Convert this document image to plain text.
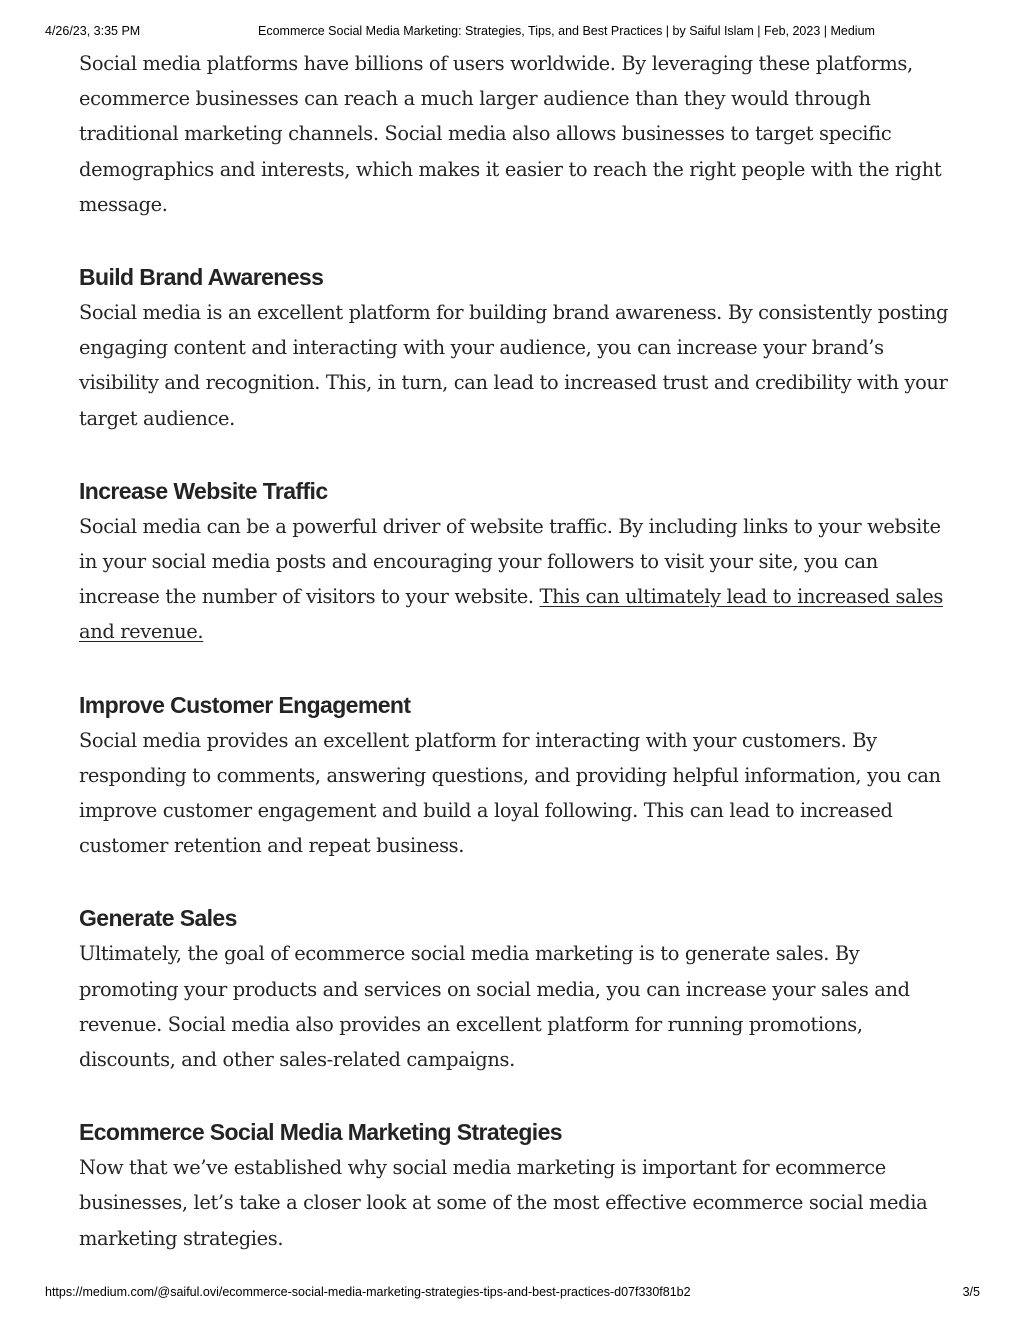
4/26/23, 3:35 PM	Ecommerce Social Media Marketing: Strategies, Tips, and Best Practices | by Saiful Islam | Feb, 2023 | Medium

Social media platforms have billions of users worldwide. By leveraging these platforms, ecommerce businesses can reach a much larger audience than they would through traditional marketing channels. Social media also allows businesses to target specific demographics and interests, which makes it easier to reach the right people with the right message.

Build Brand Awareness

Social media is an excellent platform for building brand awareness. By consistently posting engaging content and interacting with your audience, you can increase your brand’s visibility and recognition. This, in turn, can lead to increased trust and credibility with your target audience.

Increase Website Traffic

Social media can be a powerful driver of website traffic. By including links to your website in your social media posts and encouraging your followers to visit your site, you can increase the number of visitors to your website. This can ultimately lead to increased sales and revenue.

Improve Customer Engagement

Social media provides an excellent platform for interacting with your customers. By responding to comments, answering questions, and providing helpful information, you can improve customer engagement and build a loyal following. This can lead to increased customer retention and repeat business.

Generate Sales

Ultimately, the goal of ecommerce social media marketing is to generate sales. By promoting your products and services on social media, you can increase your sales and revenue. Social media also provides an excellent platform for running promotions, discounts, and other sales-related campaigns.

Ecommerce Social Media Marketing Strategies

Now that we’ve established why social media marketing is important for ecommerce businesses, let’s take a closer look at some of the most effective ecommerce social media marketing strategies.

https://medium.com/@saiful.ovi/ecommerce-social-media-marketing-strategies-tips-and-best-practices-d07f330f81b2	3/5
